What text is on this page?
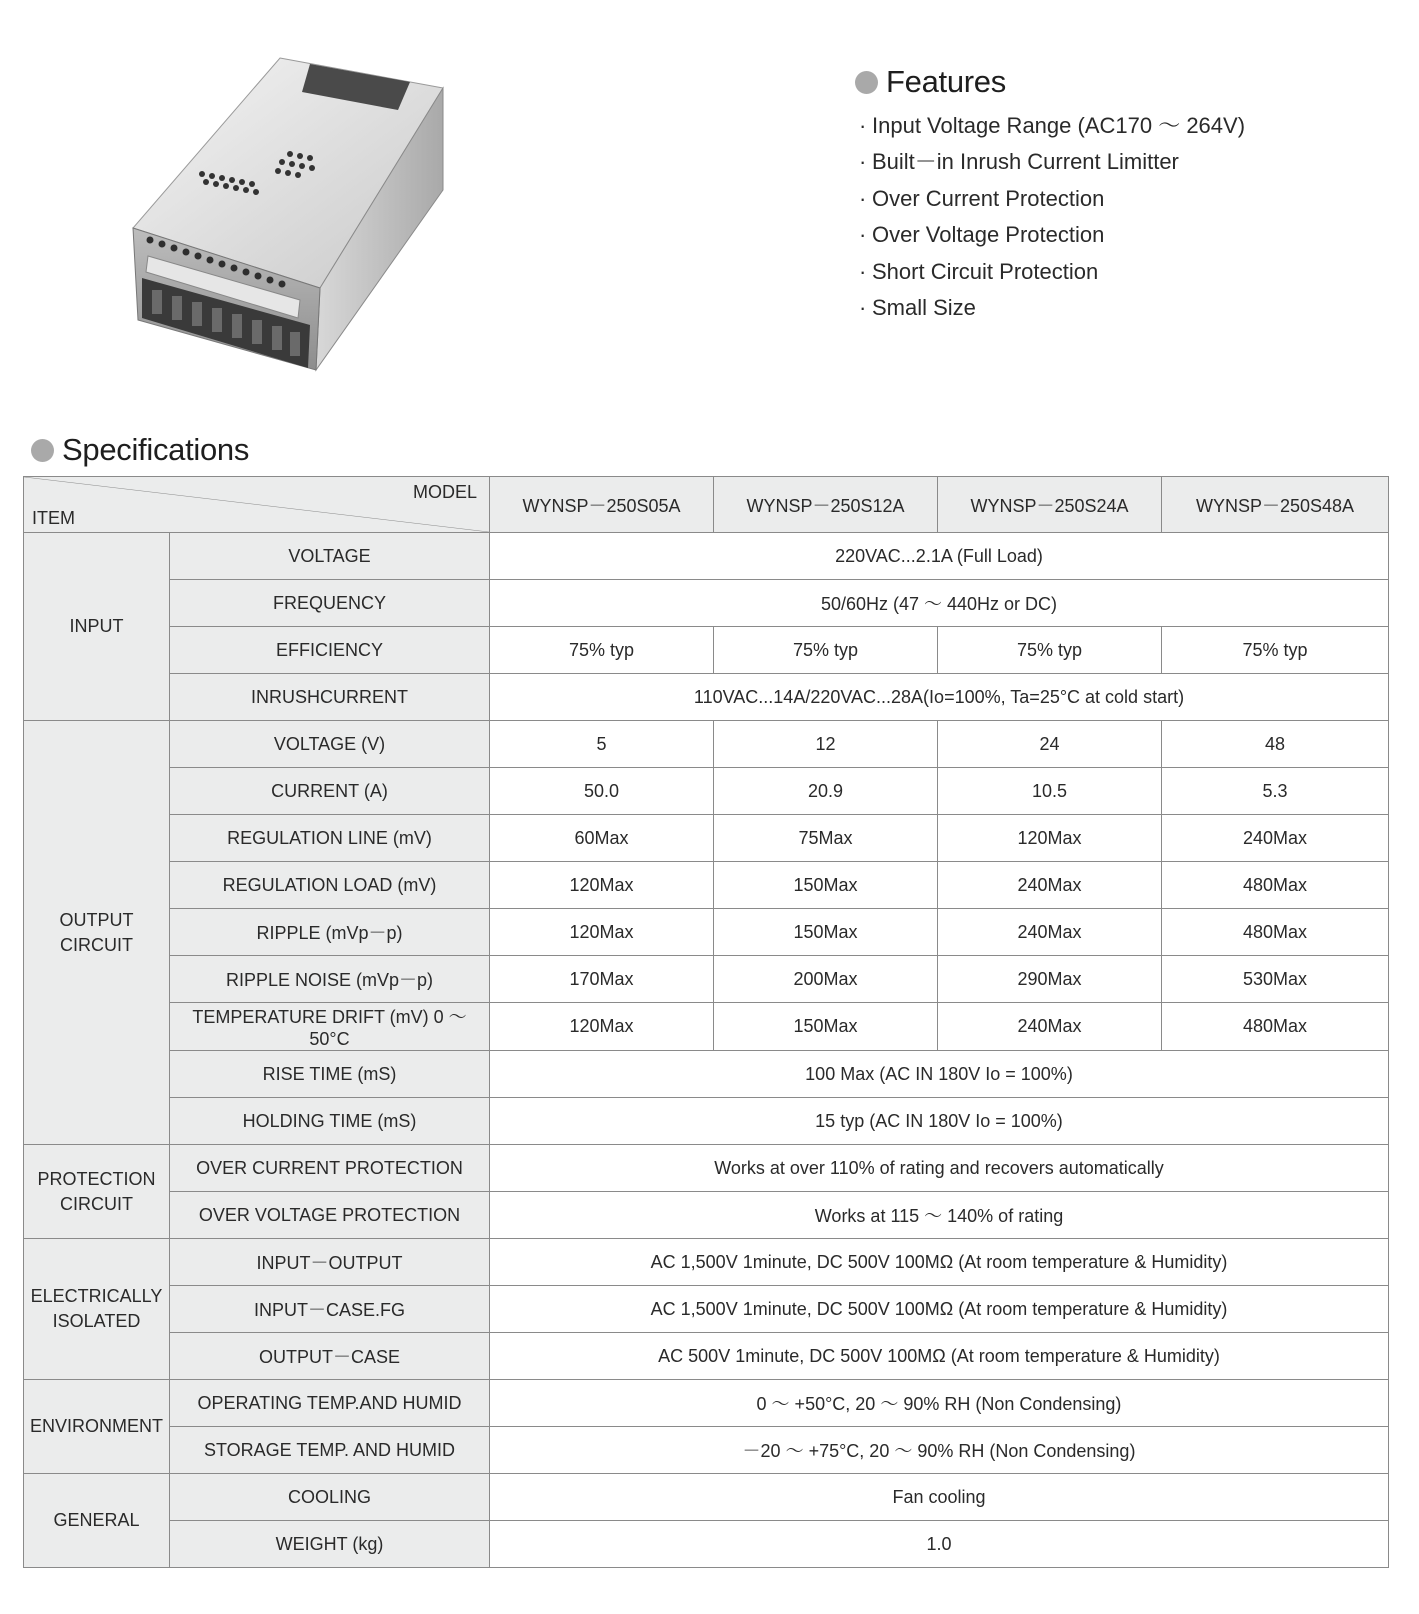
Features
· Input Voltage Range (AC170 ～ 264V)
· Built－in Inrush Current Limitter
· Over Current Protection
· Over Voltage Protection
· Short Circuit Protection
· Small Size
Specifications
MODEL
ITEM		WYNSP－250S05A	WYNSP－250S12A	WYNSP－250S24A	WYNSP－250S48A
INPUT	VOLTAGE	220VAC...2.1A (Full Load)			
	FREQUENCY	50/60Hz (47 ～ 440Hz or DC)			
	EFFICIENCY	75% typ	75% typ	75% typ	75% typ
	INRUSHCURRENT	110VAC...14A/220VAC...28A(Io=100%, Ta=25°C at cold start)			
OUTPUT
CIRCUIT	VOLTAGE (V)	5	12	24	48
	CURRENT (A)	50.0	20.9	10.5	5.3
	REGULATION LINE (mV)	60Max	75Max	120Max	240Max
	REGULATION LOAD (mV)	120Max	150Max	240Max	480Max
	RIPPLE (mVp－p)	120Max	150Max	240Max	480Max
	RIPPLE NOISE (mVp－p)	170Max	200Max	290Max	530Max
	TEMPERATURE DRIFT (mV) 0 ～ 50°C	120Max	150Max	240Max	480Max
	RISE TIME (mS)	100 Max (AC IN 180V Io = 100%)			
	HOLDING TIME (mS)	15 typ (AC IN 180V Io = 100%)			
PROTECTION
CIRCUIT	OVER CURRENT PROTECTION	Works at over 110% of rating and recovers automatically			
	OVER VOLTAGE PROTECTION	Works at 115 ～ 140% of rating			
ELECTRICALLY
ISOLATED	INPUT－OUTPUT	AC 1,500V 1minute, DC 500V 100MΩ (At room temperature & Humidity)			
	INPUT－CASE.FG	AC 1,500V 1minute, DC 500V 100MΩ (At room temperature & Humidity)			
	OUTPUT－CASE	AC 500V 1minute, DC 500V 100MΩ (At room temperature & Humidity)			
ENVIRONMENT	OPERATING TEMP.AND HUMID	0 ～ +50°C, 20 ～ 90% RH (Non Condensing)			
	STORAGE TEMP. AND HUMID	－20 ～ +75°C, 20 ～ 90% RH (Non Condensing)			
GENERAL	COOLING	Fan cooling			
	WEIGHT (kg)	1.0			
